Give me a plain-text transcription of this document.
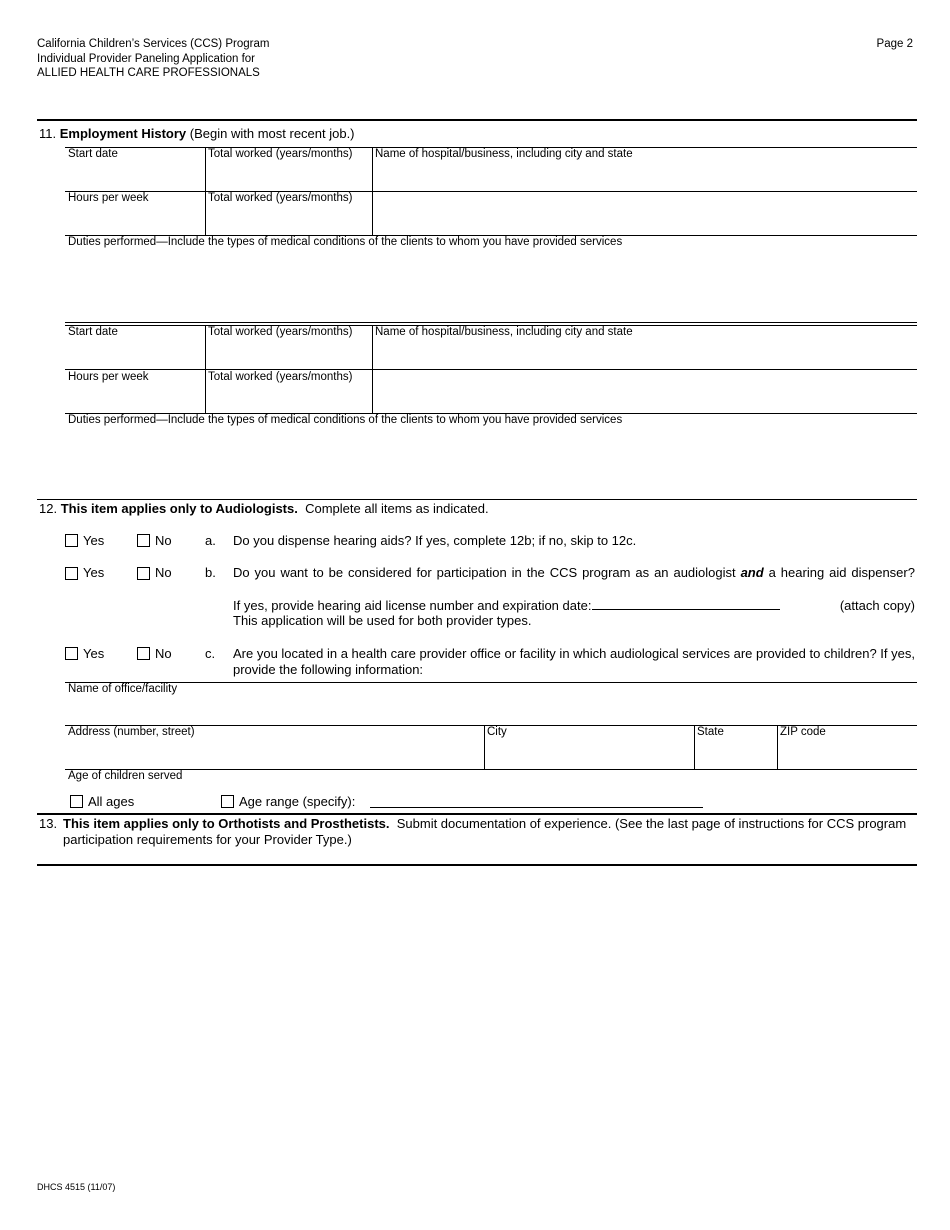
California Children’s Services (CCS) Program
Individual Provider Paneling Application for
ALLIED HEALTH CARE PROFESSIONALS
Page 2
11. Employment History (Begin with most recent job.)
Start date	Total worked (years/months) Name of hospital/business, including city and state
Hours per week	Total worked (years/months)
Duties performed—Include the types of medical conditions of the clients to whom you have provided services
Start date	Total worked (years/months) Name of hospital/business, including city and state
Hours per week	Total worked (years/months)
Duties performed—Include the types of medical conditions of the clients to whom you have provided services
12. This item applies only to Audiologists. Complete all items as indicated.
Yes	No	a. Do you dispense hearing aids? If yes, complete 12b; if no, skip to 12c.
Yes	No	b. Do you want to be considered for participation in the CCS program as an audiologist and a hearing aid dispenser?
If yes, provide hearing aid license number and expiration date:	(attach copy)
This application will be used for both provider types.
Yes	No	c. Are you located in a health care provider office or facility in which audiological services are provided to children? If yes, provide the following information:
Name of office/facility
Address (number, street)	City	State	ZIP code
Age of children served
All ages	Age range (specify):
13. This item applies only to Orthotists and Prosthetists. Submit documentation of experience. (See the last page of instructions for CCS program participation requirements for your Provider Type.)
DHCS 4515 (11/07)
